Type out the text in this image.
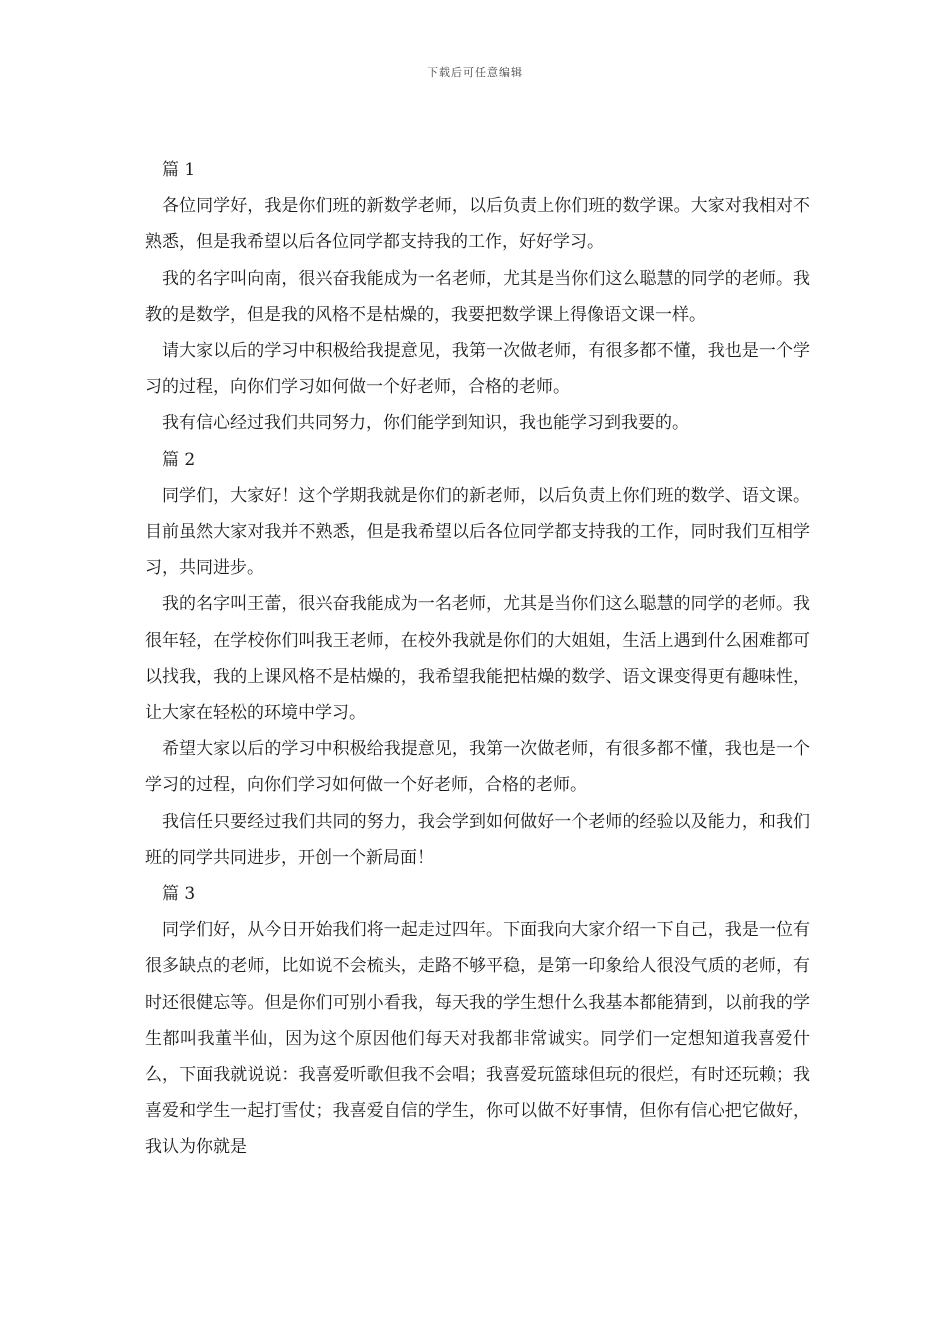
下载后可任意编辑

篇 1

各位同学好，我是你们班的新数学老师，以后负责上你们班的数学课。大家对我相对不熟悉，但是我希望以后各位同学都支持我的工作，好好学习。

我的名字叫向南，很兴奋我能成为一名老师，尤其是当你们这么聪慧的同学的老师。我教的是数学，但是我的风格不是枯燥的，我要把数学课上得像语文课一样。

请大家以后的学习中积极给我提意见，我第一次做老师，有很多都不懂，我也是一个学习的过程，向你们学习如何做一个好老师，合格的老师。

我有信心经过我们共同努力，你们能学到知识，我也能学习到我要的。

篇 2

同学们，大家好！这个学期我就是你们的新老师，以后负责上你们班的数学、语文课。目前虽然大家对我并不熟悉，但是我希望以后各位同学都支持我的工作，同时我们互相学习，共同进步。

我的名字叫王蕾，很兴奋我能成为一名老师，尤其是当你们这么聪慧的同学的老师。我很年轻，在学校你们叫我王老师，在校外我就是你们的大姐姐，生活上遇到什么困难都可以找我，我的上课风格不是枯燥的，我希望我能把枯燥的数学、语文课变得更有趣味性，让大家在轻松的环境中学习。

希望大家以后的学习中积极给我提意见，我第一次做老师，有很多都不懂，我也是一个学习的过程，向你们学习如何做一个好老师，合格的老师。

我信任只要经过我们共同的努力，我会学到如何做好一个老师的经验以及能力，和我们班的同学共同进步，开创一个新局面！

篇 3

同学们好，从今日开始我们将一起走过四年。下面我向大家介绍一下自己，我是一位有很多缺点的老师，比如说不会梳头，走路不够平稳，是第一印象给人很没气质的老师，有时还很健忘等。但是你们可别小看我，每天我的学生想什么我基本都能猜到，以前我的学生都叫我董半仙，因为这个原因他们每天对我都非常诚实。同学们一定想知道我喜爱什么，下面我就说说：我喜爱听歌但我不会唱；我喜爱玩篮球但玩的很烂，有时还玩赖；我喜爱和学生一起打雪仗；我喜爱自信的学生，你可以做不好事情，但你有信心把它做好，我认为你就是
